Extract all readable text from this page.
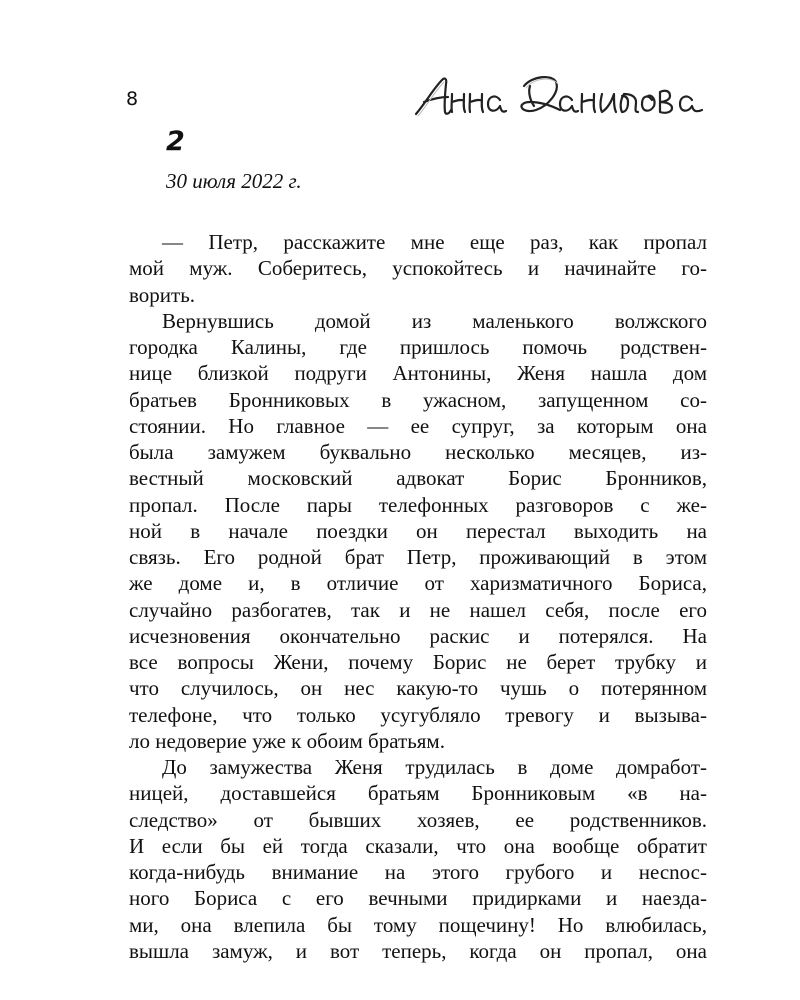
8
2
30 июля 2022 г.
— Петр, расскажите мне еще раз, как пропал
мой муж. Соберитесь, успокойтесь и начинайте го-
ворить.
Вернувшись домой из маленького волжского
городка Калины, где пришлось помочь родствен-
нице близкой подруги Антонины, Женя нашла дом
братьев Бронниковых в ужасном, запущенном со-
стоянии. Но главное — ее супруг, за которым она
была замужем буквально несколько месяцев, из-
вестный московский адвокат Борис Бронников,
пропал. После пары телефонных разговоров с же-
ной в начале поездки он перестал выходить на
связь. Его родной брат Петр, проживающий в этом
же доме и, в отличие от харизматичного Бориса,
случайно разбогатев, так и не нашел себя, после его
исчезновения окончательно раскис и потерялся. На
все вопросы Жени, почему Борис не берет трубку и
что случилось, он нес какую-то чушь о потерянном
телефоне, что только усугубляло тревогу и вызыва-
ло недоверие уже к обоим братьям.
До замужества Женя трудилась в доме домработ-
ницей, доставшейся братьям Бронниковым «в на-
следство» от бывших хозяев, ее родственников.
И если бы ей тогда сказали, что она вообще обратит
когда-нибудь внимание на этого грубого и несnос-
ного Бориса с его вечными придирками и наезда-
ми, она влепила бы тому пощечину! Но влюбилась,
вышла замуж, и вот теперь, когда он пропал, она
